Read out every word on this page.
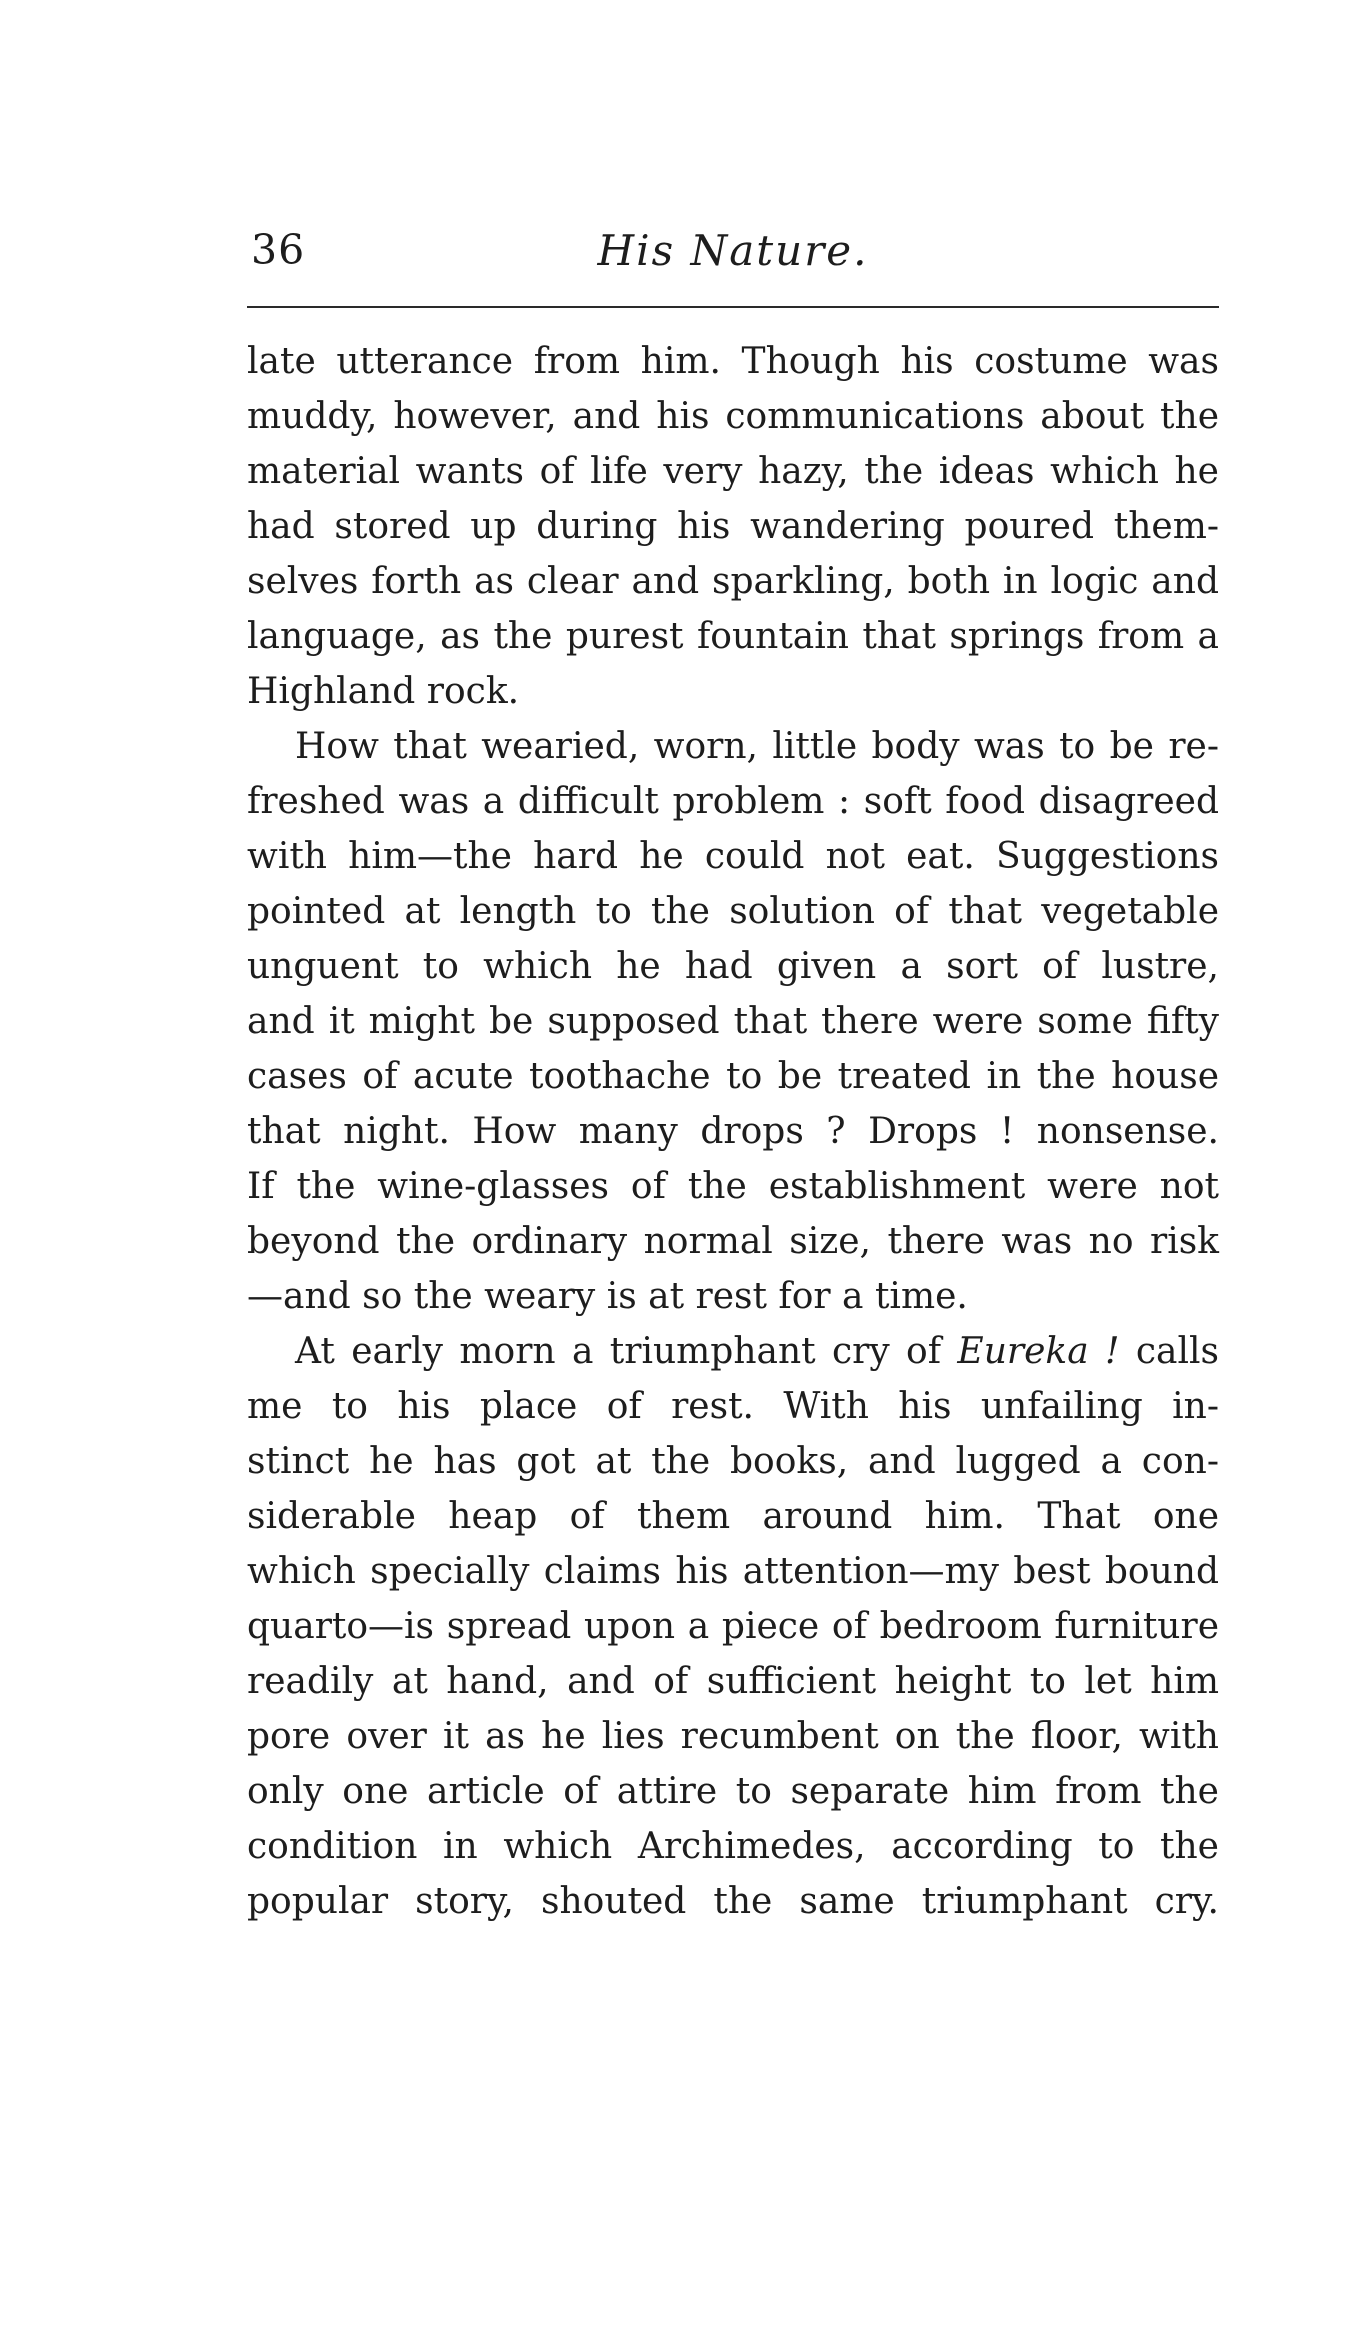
36	His Nature.
late utterance from him. Though his costume was
muddy, however, and his communications about the
material wants of life very hazy, the ideas which he
had stored up during his wandering poured them-
selves forth as clear and sparkling, both in logic and
language, as the purest fountain that springs from a
Highland rock.
How that wearied, worn, little body was to be re-
freshed was a difficult problem : soft food disagreed
with him—the hard he could not eat. Suggestions
pointed at length to the solution of that vegetable
unguent to which he had given a sort of lustre,
and it might be supposed that there were some fifty
cases of acute toothache to be treated in the house
that night. How many drops ? Drops ! nonsense.
If the wine-glasses of the establishment were not
beyond the ordinary normal size, there was no risk
—and so the weary is at rest for a time.
At early morn a triumphant cry of Eureka ! calls
me to his place of rest. With his unfailing in-
stinct he has got at the books, and lugged a con-
siderable heap of them around him. That one
which specially claims his attention—my best bound
quarto—is spread upon a piece of bedroom furniture
readily at hand, and of sufficient height to let him
pore over it as he lies recumbent on the floor, with
only one article of attire to separate him from the
condition in which Archimedes, according to the
popular story, shouted the same triumphant cry.
